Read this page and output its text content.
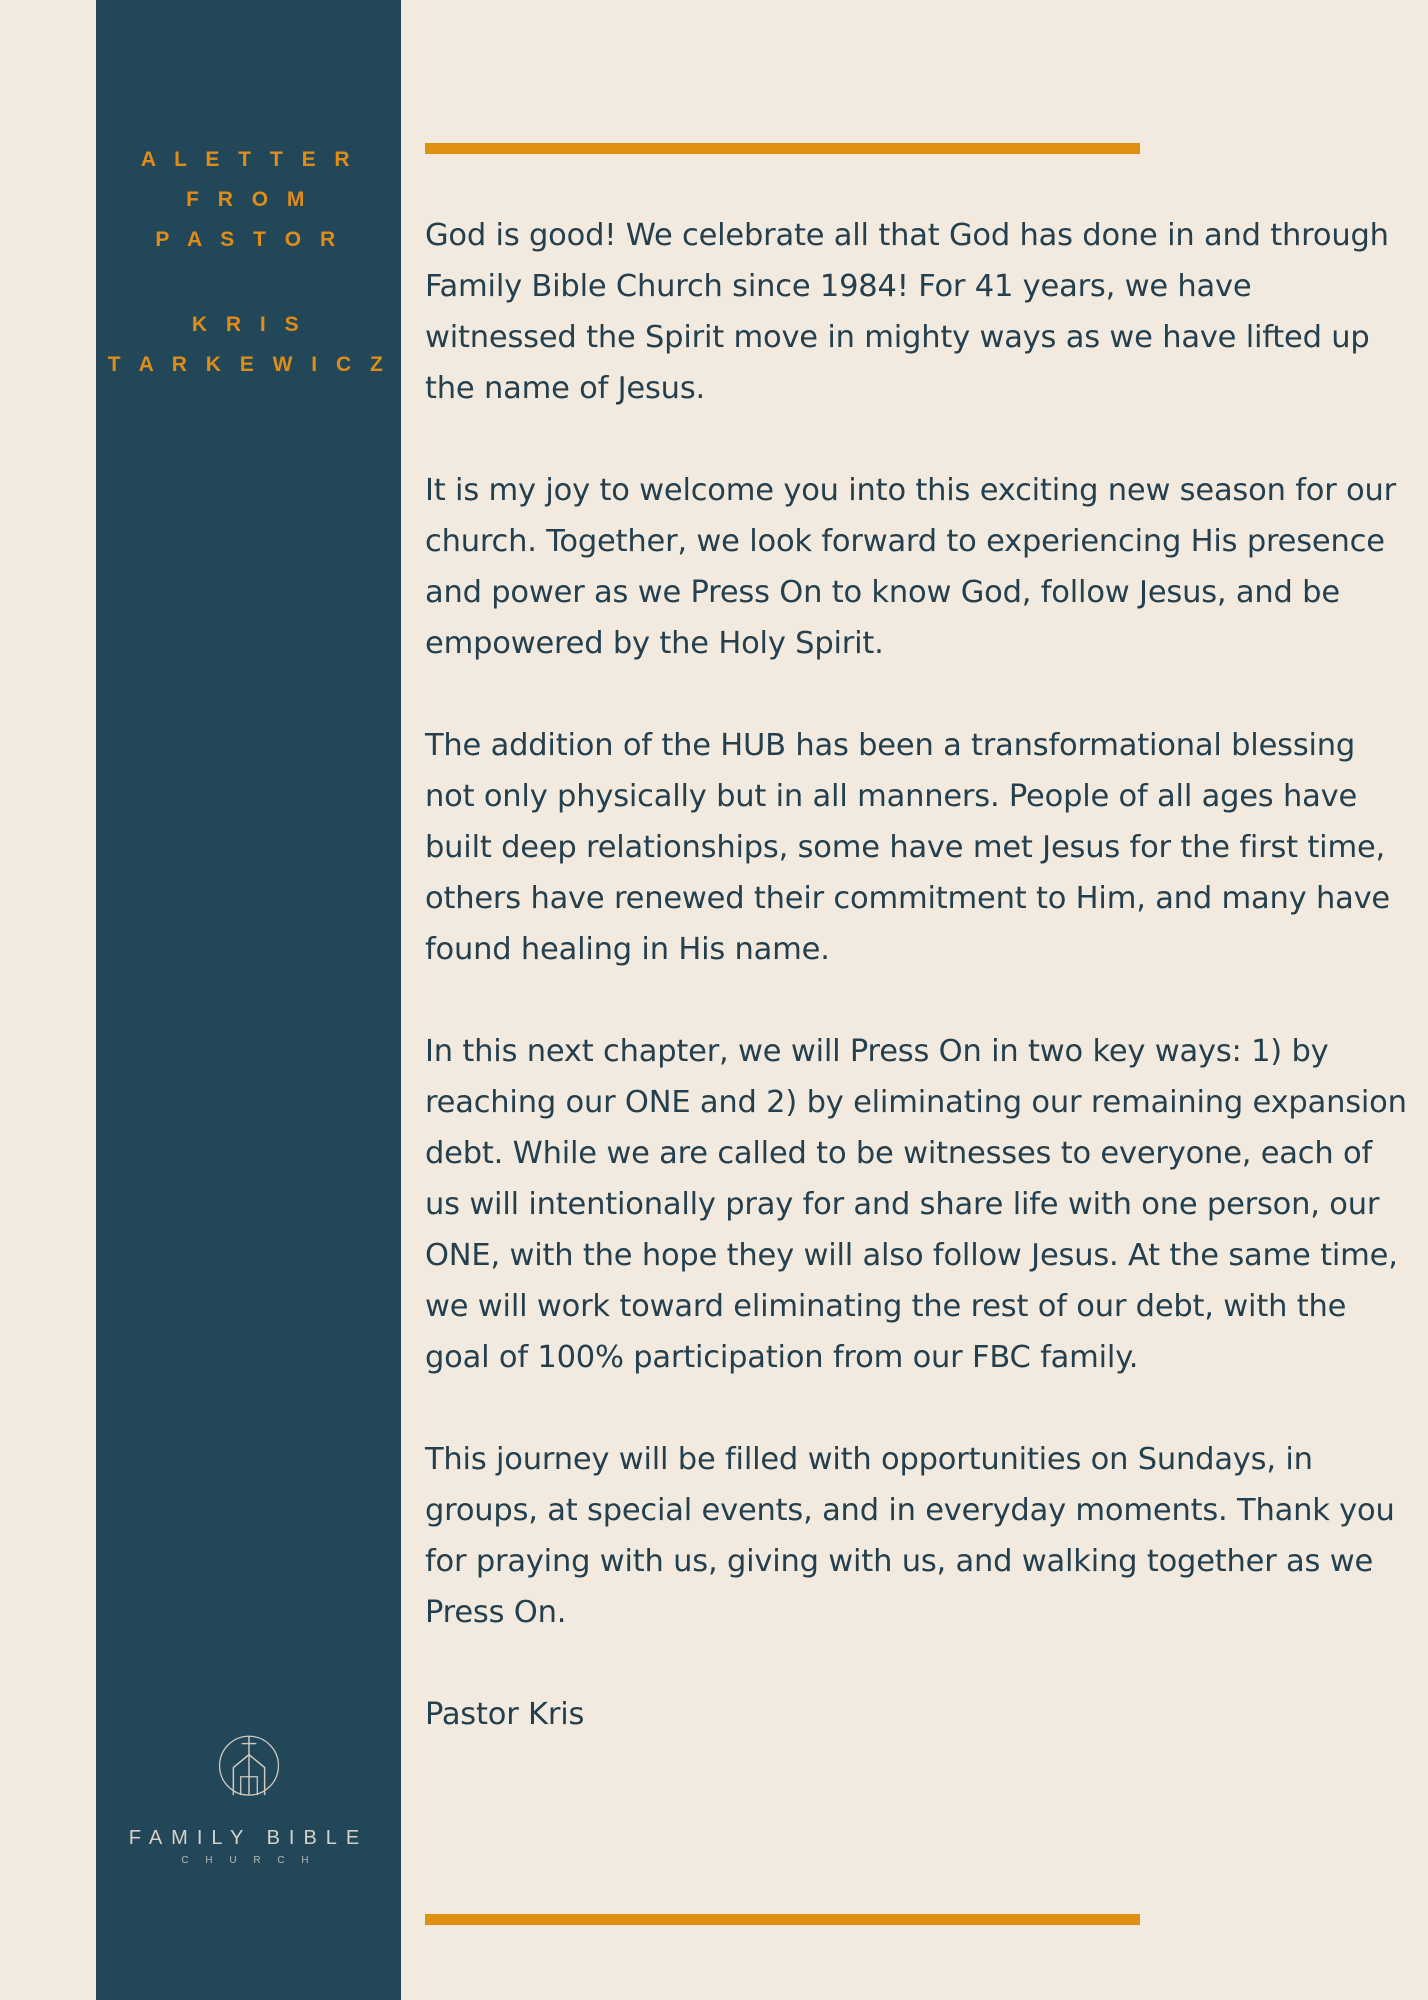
A L E T T E R
F R O M
P A S T O R
K R I S
T A R K E W I C Z
FAMILY BIBLE
C H U R C H

God is good! We celebrate all that God has done in and through Family Bible Church since 1984! For 41 years, we have witnessed the Spirit move in mighty ways as we have lifted up the name of Jesus.

It is my joy to welcome you into this exciting new season for our church. Together, we look forward to experiencing His presence and power as we Press On to know God, follow Jesus, and be empowered by the Holy Spirit.

The addition of the HUB has been a transformational blessing not only physically but in all manners. People of all ages have built deep relationships, some have met Jesus for the first time, others have renewed their commitment to Him, and many have found healing in His name.

In this next chapter, we will Press On in two key ways: 1) by reaching our ONE and 2) by eliminating our remaining expansion debt. While we are called to be witnesses to everyone, each of us will intentionally pray for and share life with one person, our ONE, with the hope they will also follow Jesus. At the same time, we will work toward eliminating the rest of our debt, with the goal of 100% participation from our FBC family.

This journey will be filled with opportunities on Sundays, in groups, at special events, and in everyday moments. Thank you for praying with us, giving with us, and walking together as we Press On.

Pastor Kris
